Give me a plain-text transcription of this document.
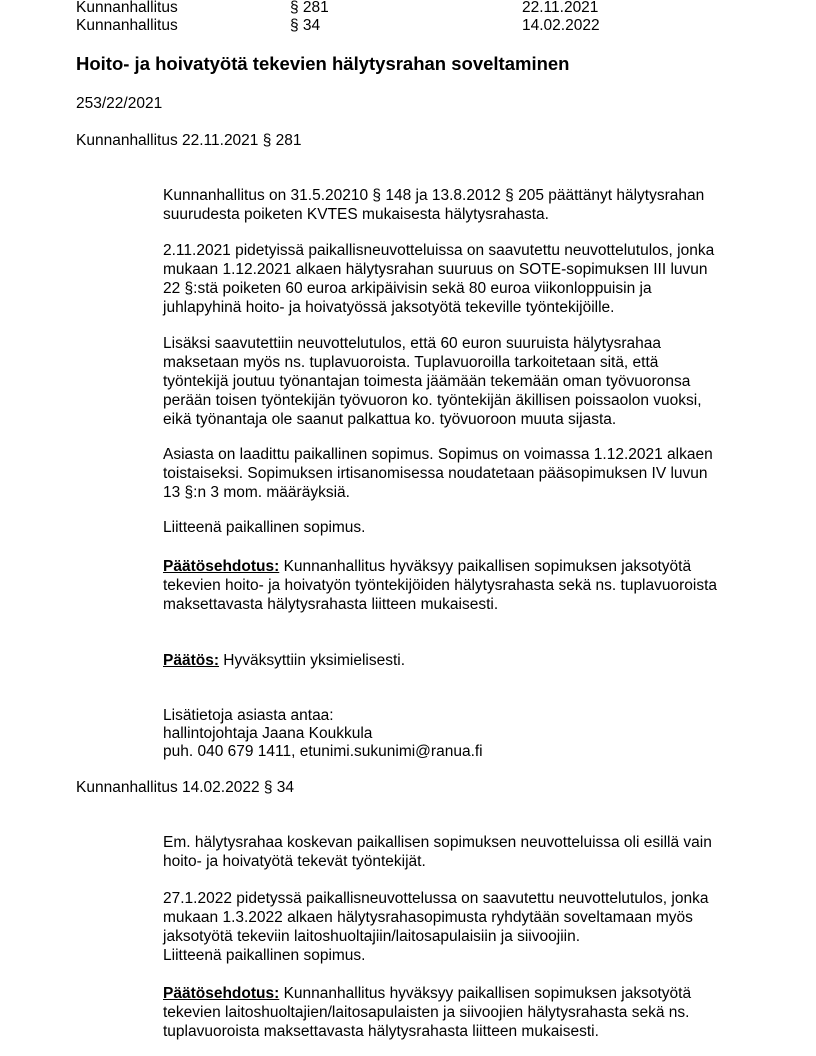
Kunnanhallitus	§ 281	22.11.2021
Kunnanhallitus	§ 34	14.02.2022
Hoito- ja hoivatyötä tekevien hälytysrahan soveltaminen
253/22/2021
Kunnanhallitus 22.11.2021 § 281
Kunnanhallitus on 31.5.20210 § 148 ja 13.8.2012 § 205 päättänyt hälytysrahan
suurudesta poiketen KVTES mukaisesta hälytysrahasta.
2.11.2021 pidetyissä paikallisneuvotteluissa on saavutettu neuvottelutulos, jonka
mukaan 1.12.2021 alkaen hälytysrahan suuruus on SOTE-sopimuksen III luvun
22 §:stä poiketen 60 euroa arkipäivisin sekä 80 euroa viikonloppuisin ja
juhlapyhinä hoito- ja hoivatyössä jaksotyötä tekeville työntekijöille.
Lisäksi saavutettiin neuvottelutulos, että 60 euron suuruista hälytysrahaa
maksetaan myös ns. tuplavuoroista. Tuplavuoroilla tarkoitetaan sitä, että
työntekijä joutuu työnantajan toimesta jäämään tekemään oman työvuoronsa
perään toisen työntekijän työvuoron ko. työntekijän äkillisen poissaolon vuoksi,
eikä työnantaja ole saanut palkattua ko. työvuoroon muuta sijasta.
Asiasta on laadittu paikallinen sopimus. Sopimus on voimassa 1.12.2021 alkaen
toistaiseksi. Sopimuksen irtisanomisessa noudatetaan pääsopimuksen IV luvun
13 §:n 3 mom. määräyksiä.
Liitteenä paikallinen sopimus.
Päätösehdotus: Kunnanhallitus hyväksyy paikallisen sopimuksen jaksotyötä
tekevien hoito- ja hoivatyön työntekijöiden hälytysrahasta sekä ns. tuplavuoroista
maksettavasta hälytysrahasta liitteen mukaisesti.
Päätös: Hyväksyttiin yksimielisesti.
Lisätietoja asiasta antaa:
hallintojohtaja Jaana Koukkula
puh. 040 679 1411, etunimi.sukunimi@ranua.fi
Kunnanhallitus 14.02.2022 § 34
Em. hälytysrahaa koskevan paikallisen sopimuksen neuvotteluissa oli esillä vain
hoito- ja hoivatyötä tekevät työntekijät.
27.1.2022 pidetyssä paikallisneuvottelussa on saavutettu neuvottelutulos, jonka
mukaan 1.3.2022 alkaen hälytysrahasopimusta ryhdytään soveltamaan myös
jaksotyötä tekeviin laitoshuoltajiin/laitosapulaisiin ja siivoojiin.
Liitteenä paikallinen sopimus.
Päätösehdotus: Kunnanhallitus hyväksyy paikallisen sopimuksen jaksotyötä
tekevien laitoshuoltajien/laitosapulaisten ja siivoojien hälytysrahasta sekä ns.
tuplavuoroista maksettavasta hälytysrahasta liitteen mukaisesti.
